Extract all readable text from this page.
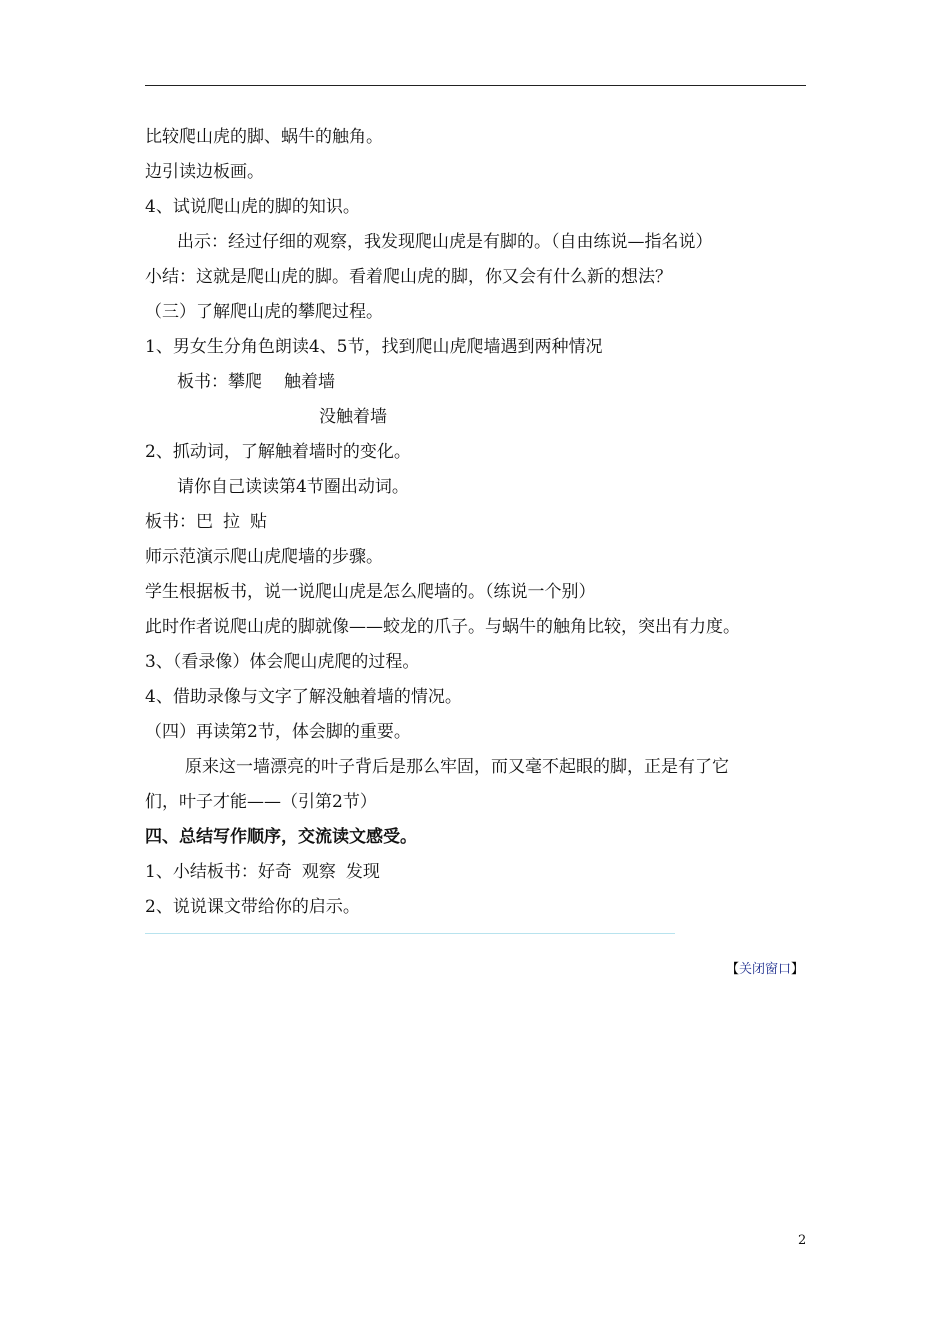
比较爬山虎的脚、蜗牛的触角。
边引读边板画。
4、试说爬山虎的脚的知识。
出示：经过仔细的观察，我发现爬山虎是有脚的。（自由练说—指名说）
小结：这就是爬山虎的脚。看着爬山虎的脚，你又会有什么新的想法？
（三）了解爬山虎的攀爬过程。
1、男女生分角色朗读4、5节，找到爬山虎爬墙遇到两种情况
板书：攀爬 触着墙
没触着墙
2、抓动词，了解触着墙时的变化。
请你自己读读第4节圈出动词。
板书：巴 拉 贴
师示范演示爬山虎爬墙的步骤。
学生根据板书，说一说爬山虎是怎么爬墙的。（练说一个别）
此时作者说爬山虎的脚就像——蛟龙的爪子。与蜗牛的触角比较，突出有力度。
3、（看录像）体会爬山虎爬的过程。
4、借助录像与文字了解没触着墙的情况。
（四）再读第2节，体会脚的重要。
原来这一墙漂亮的叶子背后是那么牢固，而又毫不起眼的脚，正是有了它
们，叶子才能——（引第2节）
四、总结写作顺序，交流读文感受。
1、小结板书：好奇 观察 发现
2、说说课文带给你的启示。
【关闭窗口】
2
